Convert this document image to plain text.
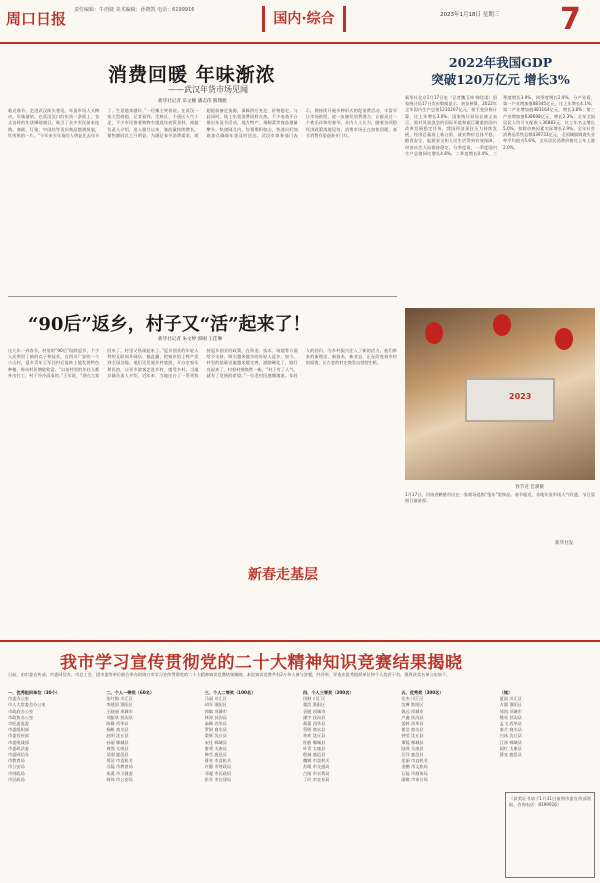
周口日报	责任编辑：牛雨婕 美术编辑：孙晓凯 电话：6199916
国内·综合	2023年1月18日 星期三 7
消费回暖 年味渐浓
——武汉年货市场见闻
新华社记者 乐文婉 潘志伟 熊翔鹤
临近春节，走进武汉街头巷尾，年货市场人头攒动，年味渐浓。在武汉汉口的年货一条街上，各式各样的年货琳琅满目，吸引了众多市民前来选购。春联、灯笼、中国结等喜庆商品摆满货架，红彤彤的一片。“今年来买年货的人明显比去年多了，生意越来越好。”一位摊主笑着说。在武汉一家大型商超，记者看到，生鲜区、干货区人气十足，不少市民推着购物车挑选年夜饭食材。商超负责人介绍，进入腊月以来，客流量持续增长，销售额同比上升明显。为满足春节消费需求，商超提前备足货源，保障供应充足、价格稳定。与此同时，线上年货消费同样火热。不少电商平台推出年货节活动，地方特产、预制菜等商品销量攀升。快递网点内，包裹堆积如山，快递员们加班加点确保年货及时送达。武汉市商务部门表示，将持续开展多种形式的促消费活动，丰富节日市场供给，进一步激发消费潜力，让群众过一个欢乐祥和的春节。业内人士认为，随着各项稳经济政策落地见效，消费市场正在加快回暖，春节消费有望迎来开门红。
2022年我国GDP
突破120万亿元 增长3%
新华社北京1月17日电（记者魏玉坤 韩佳诺）国家统计局17日发布数据显示，初步核算，2022年全年国内生产总值1210207亿元，按不变价格计算，比上年增长3.0%。国家统计局局长康义表示，面对风高浪急的国际环境和艰巨繁重的国内改革发展稳定任务，我国经济顶住压力持续发展，经济总量再上新台阶，就业物价总体平稳，粮食安全、能源安全和人民生活得到有效保障，经济社会大局保持稳定。分季度看，一季度国内生产总值同比增长4.8%，二季度增长0.4%，三季度增长3.9%，四季度增长2.9%。分产业看，第一产业增加值88345亿元，比上年增长4.1%；第二产业增加值483164亿元，增长3.8%；第三产业增加值638698亿元，增长2.3%。全年全国居民人均可支配收入36883元，比上年名义增长5.0%，扣除价格因素实际增长2.9%。全年社会消费品零售总额439733亿元，全国城镇调查失业率平均值为5.6%，全年居民消费价格比上年上涨2.0%。
2023
春节近 佳骐摄
1月17日，河南省鹤壁市民在一家商场选购“兔年”装饰品。春节临近，各地年货市场人气旺盛，节日氛围日渐浓厚。
新华社发
“90后”返乡，村子又“活”起来了！
新华社记者 朱文婷 郭刚 王佳琳
这几年一到春节，村里的“90后”陆续返乡，不少人还带回了新的点子和技术。在四川广安的一个小山村，返乡青年王军回村后流转土地发展特色种植，带动村民增收致富。“以前村里的年轻人都外出打工，村子冷冷清清的。”王军说，“现在大家回来了，村里又热闹起来了。”返乡创业的年轻人利用互联网开网店、搞直播，把家乡的土特产卖到全国各地。他们还发展乡村旅游，开办农家乐和民宿，让更多游客走进乡村、感受乡村。当地乡镇负责人介绍，近年来，当地出台了一系列扶持返乡创业的政策，在资金、技术、场地等方面给予支持，吸引越来越多的年轻人返乡。如今，村里的基础设施越来越完善，道路硬化了，路灯亮起来了，村容村貌焕然一新。“村子有了人气，就有了发展的希望。”一位老村民感慨地说。年轻人的回归，为乡村振兴注入了新的活力。他们带来的新理念、新技术、新业态，正在改变着乡村的面貌，让古老的村庄焕发出勃勃生机。
新春走基层
我市学习宣传贯彻党的二十大精神知识竞赛结果揭晓
日前，由市委宣传部、市委网信办、市总工会、团市委等单位联合举办的周口市学习宣传贯彻党的二十大精神知识竞赛结果揭晓。本次知识竞赛共有2万余人参与答题，经评审，评选出优秀组织单位和个人奖若干名，现将获奖名单公布如下。
一、优秀组织单位（30个）
市委办公室
市人大常委会办公室
市政府办公室
市政协办公室
市纪委监委
市委组织部
市委宣传部
市委统战部
市委政法委
市委网信办
市教育局
市公安局
市财政局
市民政局
二、个人一等奖（60名）
张红梅 川汇区
李建国 淮阳区
王晓丽 项城市
刘振华 扶沟县
陈静 西华县
杨帆 商水县
赵明 沈丘县
孙丽 郸城县
周强 太康县
吴刚 鹿邑县
郑洁 市直机关
冯磊 市教育局
朱燕 市卫健委
何伟 市公安局
三、个人二等奖（100名）
马丽 川汇区
胡军 淮阳区
郭敏 项城市
林涛 扶沟县
高峰 西华县
罗娟 商水县
梁辉 沈丘县
宋佳 郸城县
唐勇 太康县
韩雪 鹿邑县
曹亮 市直机关
许静 市财政局
邓超 市民政局
彭芳 市住建局
四、个人三等奖（200名）
田野 川汇区
董浩 淮阳区
袁媛 项城市
潘宇 扶沟县
蒋蕾 西华县
蔡明 商水县
余欢 沈丘县
杜鹃 郸城县
叶青 太康县
程诚 鹿邑县
魏娜 市直机关
苏晴 市交通局
吕刚 市水利局
丁玲 市农业局
五、优秀奖（300名）
任杰 川汇区
沈琳 淮阳区
姚远 项城市
卢鑫 扶沟县
姜婷 西华县
崔浩 商水县
钟莹 沈丘县
谭磊 郸城县
陆瑶 太康县
汪洋 鹿邑县
范丽 市直机关
金鹏 市文旅局
石磊 市商务局
廖敏 市审计局
（续）
夏雨 川汇区
方圆 淮阳区
邹凯 项城市
熊英 扶沟县
孟飞 西华县
秦月 商水县
白冰 沈丘县
江涛 郸城县
阎红 太康县
薛亮 鹿邑县
（获奖证书请于1月31日前到市委宣传部领取，咨询电话：8199916）
